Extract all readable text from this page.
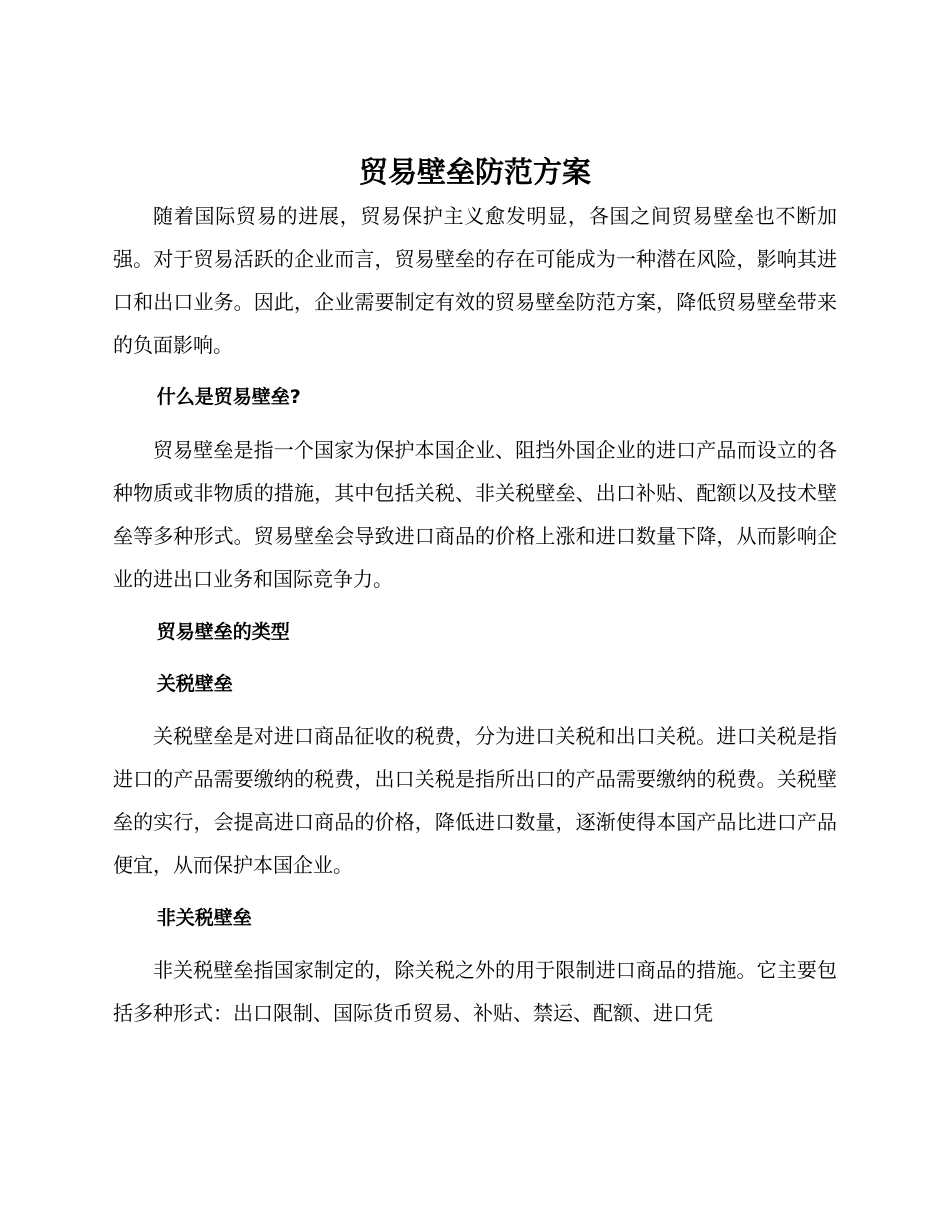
贸易壁垒防范方案

随着国际贸易的进展，贸易保护主义愈发明显，各国之间贸易壁垒也不断加强。对于贸易活跃的企业而言，贸易壁垒的存在可能成为一种潜在风险，影响其进口和出口业务。因此，企业需要制定有效的贸易壁垒防范方案，降低贸易壁垒带来的负面影响。

什么是贸易壁垒?

贸易壁垒是指一个国家为保护本国企业、阻挡外国企业的进口产品而设立的各种物质或非物质的措施，其中包括关税、非关税壁垒、出口补贴、配额以及技术壁垒等多种形式。贸易壁垒会导致进口商品的价格上涨和进口数量下降，从而影响企业的进出口业务和国际竞争力。

贸易壁垒的类型
关税壁垒

关税壁垒是对进口商品征收的税费，分为进口关税和出口关税。进口关税是指进口的产品需要缴纳的税费，出口关税是指所出口的产品需要缴纳的税费。关税壁垒的实行，会提高进口商品的价格，降低进口数量，逐渐使得本国产品比进口产品便宜，从而保护本国企业。

非关税壁垒

非关税壁垒指国家制定的，除关税之外的用于限制进口商品的措施。它主要包括多种形式：出口限制、国际货币贸易、补贴、禁运、配额、进口凭
